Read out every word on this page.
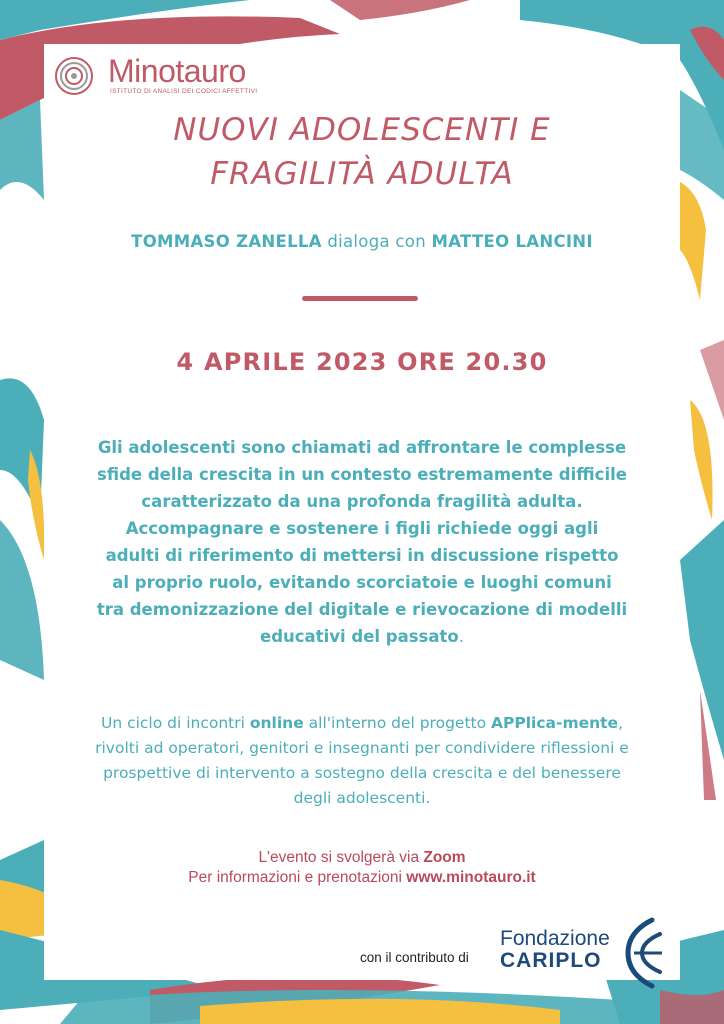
Minotauro
ISTITUTO DI ANALISI DEI CODICI AFFETTIVI
NUOVI ADOLESCENTI E
FRAGILITÀ ADULTA
TOMMASO ZANELLA dialoga con MATTEO LANCINI
4 APRILE 2023 ORE 20.30
Gli adolescenti sono chiamati ad affrontare le complesse sfide della crescita in un contesto estremamente difficile caratterizzato da una profonda fragilità adulta. Accompagnare e sostenere i figli richiede oggi agli adulti di riferimento di mettersi in discussione rispetto al proprio ruolo, evitando scorciatoie e luoghi comuni tra demonizzazione del digitale e rievocazione di modelli educativi del passato.
Un ciclo di incontri online all'interno del progetto APPlica-mente, rivolti ad operatori, genitori e insegnanti per condividere riflessioni e prospettive di intervento a sostegno della crescita e del benessere degli adolescenti.
L'evento si svolgerà via Zoom
Per informazioni e prenotazioni www.minotauro.it
con il contributo di
Fondazione
CARIPLO
